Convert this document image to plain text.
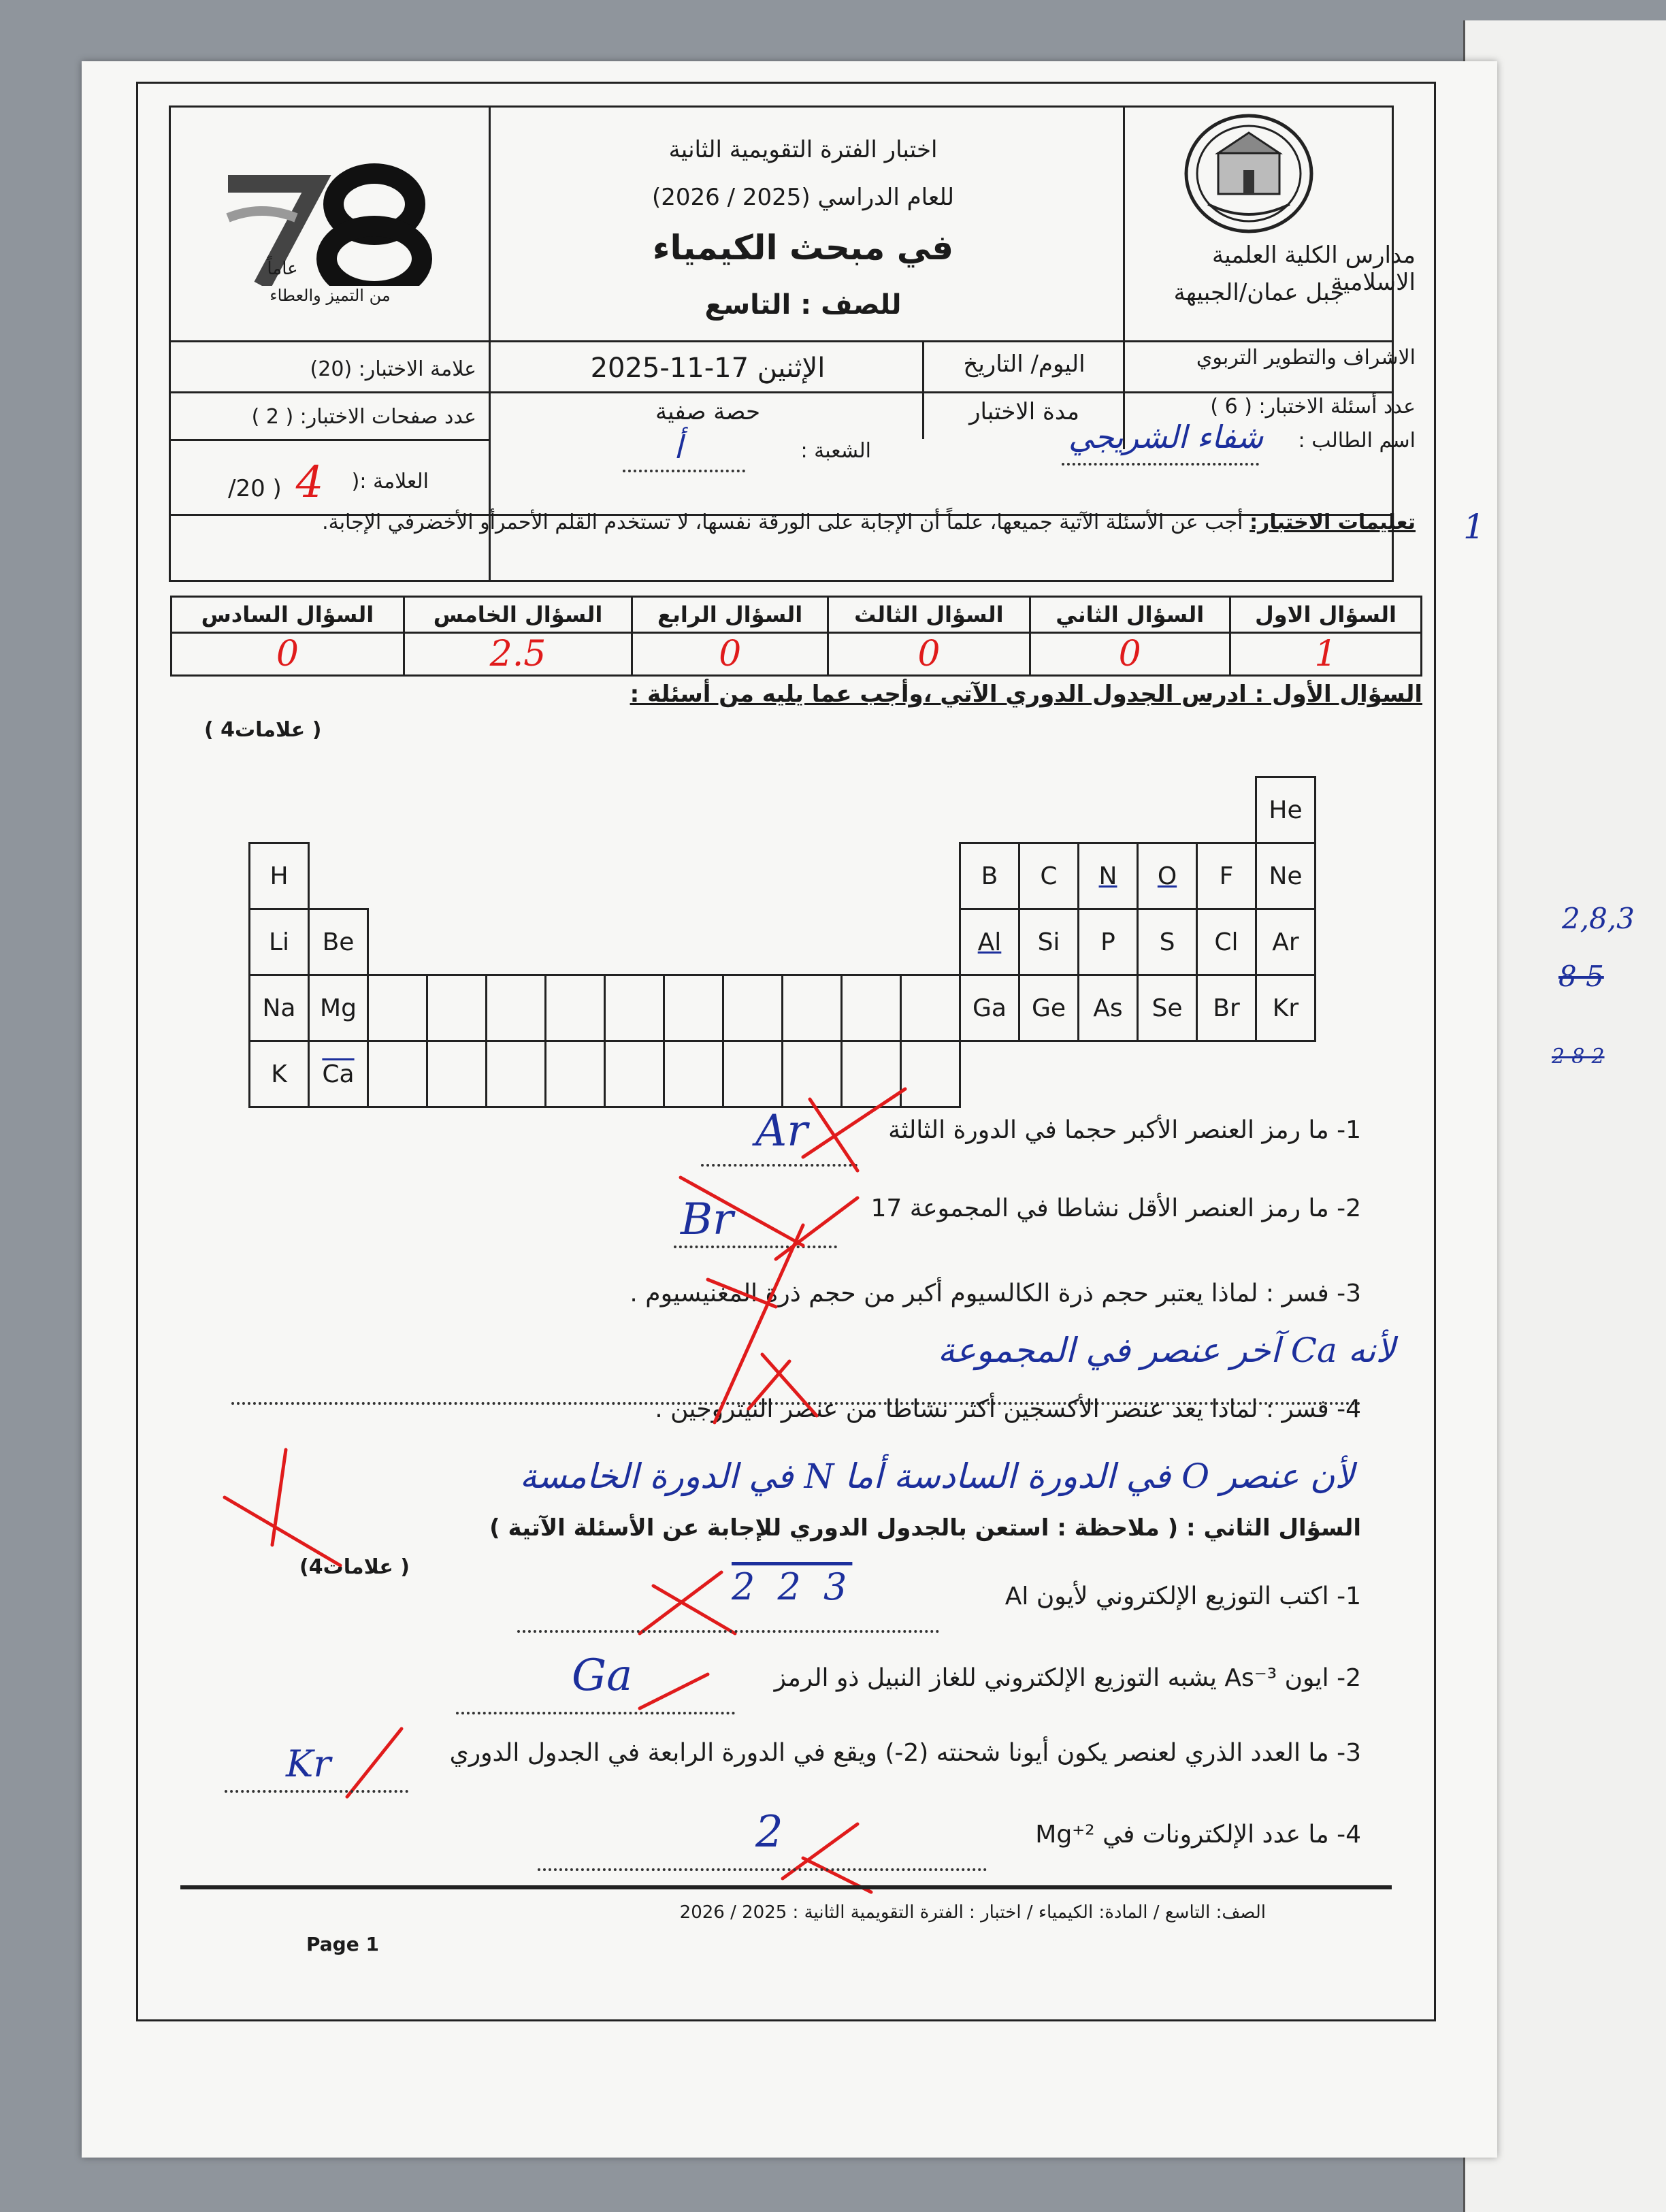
مدارس الكلية العلمية الاسلامية
جبل عمان/الجبيهة
اختبار الفترة التقويمية الثانية
للعام الدراسي (2025 / 2026)
في مبحث الكيمياء
للصف : التاسع
عاماً
من التميز والعطاء
الاشراف والتطوير التربوي
عدد أسئلة الاختبار: ( 6 )
اليوم/ التاريخ
الإثنين 17-11-2025
مدة الاختبار
حصة صفية
علامة الاختبار: (20)
عدد صفحات الاختبار: ( 2 )
اسم الطالب :
شفاء الشريجي
الشعبة :
أ
العلامة :(
4
/20 )
تعليمات الاختبار: أجب عن الأسئلة الآتية جميعها، علماً أن الإجابة على الورقة نفسها، لا تستخدم القلم الأحمرأو الأخضرفي الإجابة.	1
السؤال السادس	السؤال الخامس	السؤال الرابع	السؤال الثالث	السؤال الثاني	السؤال الاول
0	2.5	0	0	0	1
السؤال الأول : ادرس الجدول الدوري الآتي ،وأجب عما يليه من أسئلة :
( 4علامات )
																	He
H												B	C	N	O	F	Ne
Li	Be											Al	Si	P	S	Cl	Ar
Na	Mg											Ga	Ge	As	Se	Br	Kr
K	$\overline{Ca}$																
1- ما رمز العنصر الأكبر حجما في الدورة الثالثة
Ar
2- ما رمز العنصر الأقل نشاطا في المجموعة 17
Br
3- فسر : لماذا يعتبر حجم ذرة الكالسيوم أكبر من حجم ذرة المغنيسيوم .
لأنه Ca آخر عنصر في المجموعة
4- فسر : لماذا يعد عنصر الأكسجين أكثر نشاطا من عنصر النيتروجين .
لأن عنصر O في الدورة السادسة أما N في الدورة الخامسة
السؤال الثاني : ( ملاحظة : استعن بالجدول الدوري للإجابة عن الأسئلة الآتية )
(4علامات )
1- اكتب التوزيع الإلكتروني لأيون Al
2 2 3
2- ايون As⁻³ يشبه التوزيع الإلكتروني للغاز النبيل ذو الرمز
Ga
3- ما العدد الذري لعنصر يكون أيونا شحنته (2-) ويقع في الدورة الرابعة في الجدول الدوري
Kr
4- ما عدد الإلكترونات في Mg⁺²
2
2,8,3
8 5
2-8-2
الصف: التاسع / المادة: الكيمياء / اختبار : الفترة التقويمية الثانية : 2025 / 2026
Page 1
